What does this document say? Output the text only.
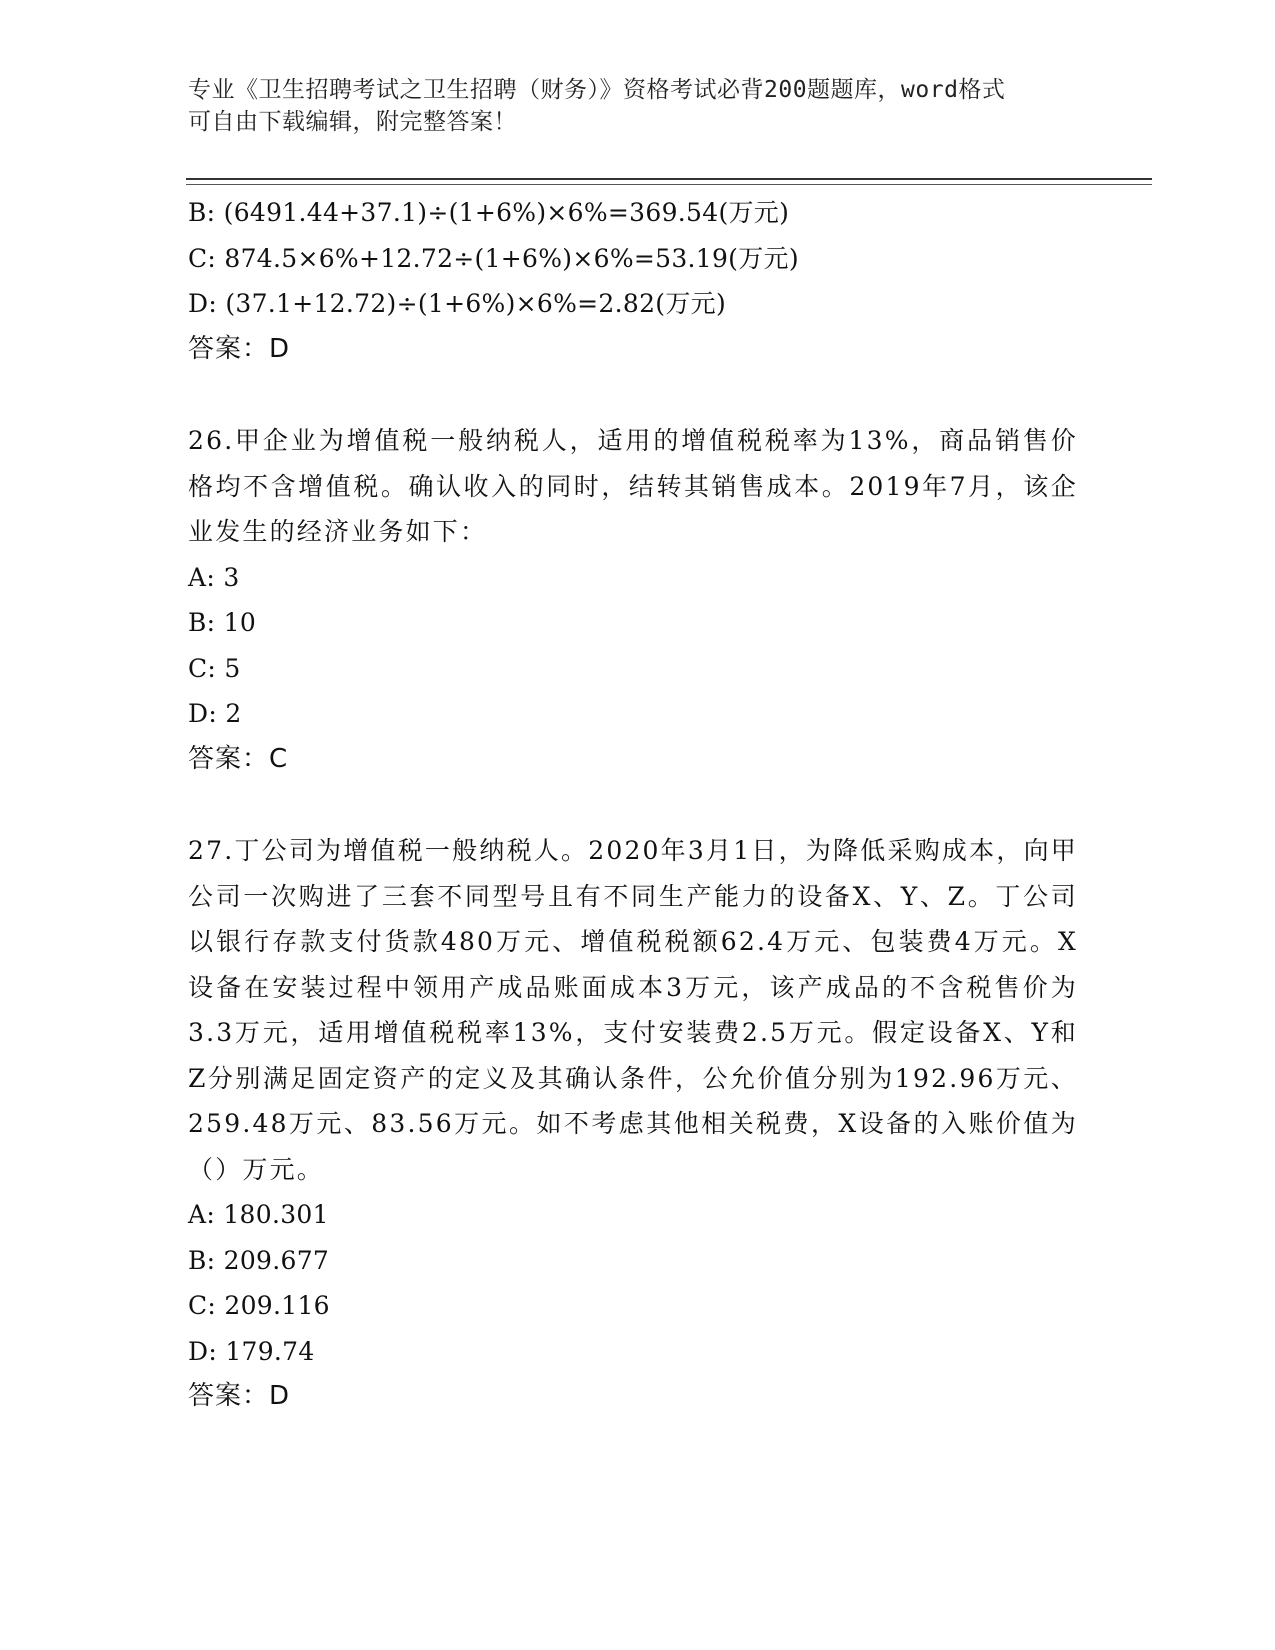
专业《卫生招聘考试之卫生招聘（财务）》资格考试必背200题题库，word格式
可自由下载编辑，附完整答案！
B: (6491.44+37.1)÷(1+6%)×6%=369.54(万元)
C: 874.5×6%+12.72÷(1+6%)×6%=53.19(万元)
D: (37.1+12.72)÷(1+6%)×6%=2.82(万元)
答案：D
26.甲企业为增值税一般纳税人，适用的增值税税率为13%，商品销售价格均不含增值税。确认收入的同时，结转其销售成本。2019年7月，该企业发生的经济业务如下：
A: 3
B: 10
C: 5
D: 2
答案：C
27.丁公司为增值税一般纳税人。2020年3月1日，为降低采购成本，向甲公司一次购进了三套不同型号且有不同生产能力的设备X、Y、Z。丁公司以银行存款支付货款480万元、增值税税额62.4万元、包装费4万元。X设备在安装过程中领用产成品账面成本3万元，该产成品的不含税售价为3.3万元，适用增值税税率13%，支付安装费2.5万元。假定设备X、Y和Z分别满足固定资产的定义及其确认条件，公允价值分别为192.96万元、259.48万元、83.56万元。如不考虑其他相关税费，X设备的入账价值为（）万元。
A: 180.301
B: 209.677
C: 209.116
D: 179.74
答案：D
